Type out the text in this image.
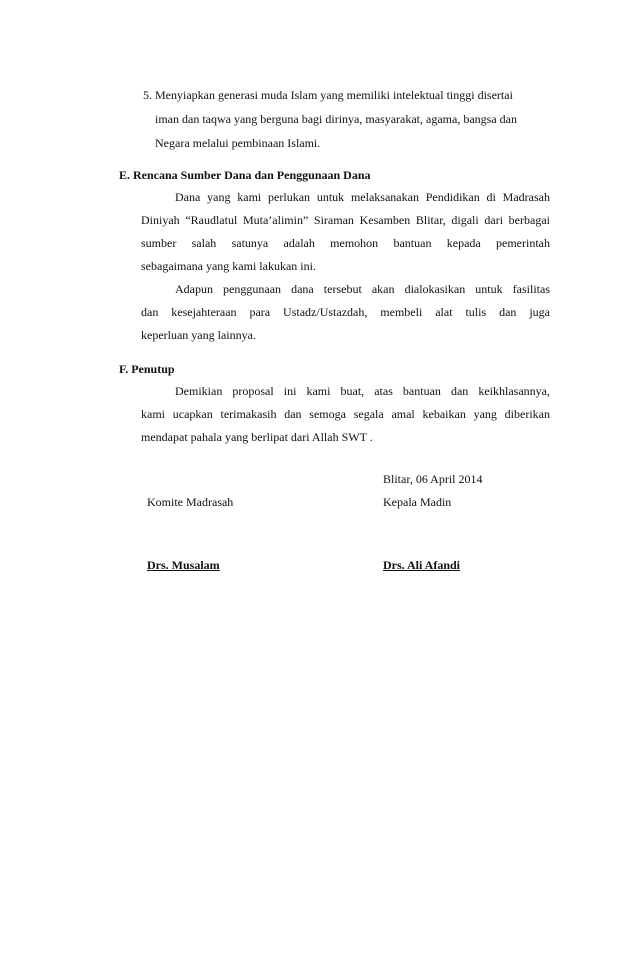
5. Menyiapkan generasi muda Islam yang memiliki intelektual tinggi disertai
iman dan taqwa yang berguna bagi dirinya, masyarakat, agama, bangsa dan
Negara melalui pembinaan Islami.
E. Rencana Sumber Dana dan Penggunaan Dana
Dana yang kami perlukan untuk melaksanakan Pendidikan di Madrasah
Diniyah “Raudlatul Muta’alimin” Siraman Kesamben Blitar, digali dari berbagai
sumber salah satunya adalah memohon bantuan kepada pemerintah
sebagaimana yang kami lakukan ini.
Adapun penggunaan dana tersebut akan dialokasikan untuk fasilitas
dan kesejahteraan para Ustadz/Ustazdah, membeli alat tulis dan juga
keperluan yang lainnya.
F. Penutup
Demikian proposal ini kami buat, atas bantuan dan keikhlasannya,
kami ucapkan terimakasih dan semoga segala amal kebaikan yang diberikan
mendapat pahala yang berlipat dari Allah SWT .
Blitar, 06 April 2014
Komite Madrasah	Kepala Madin
Drs. Musalam	Drs. Ali Afandi
